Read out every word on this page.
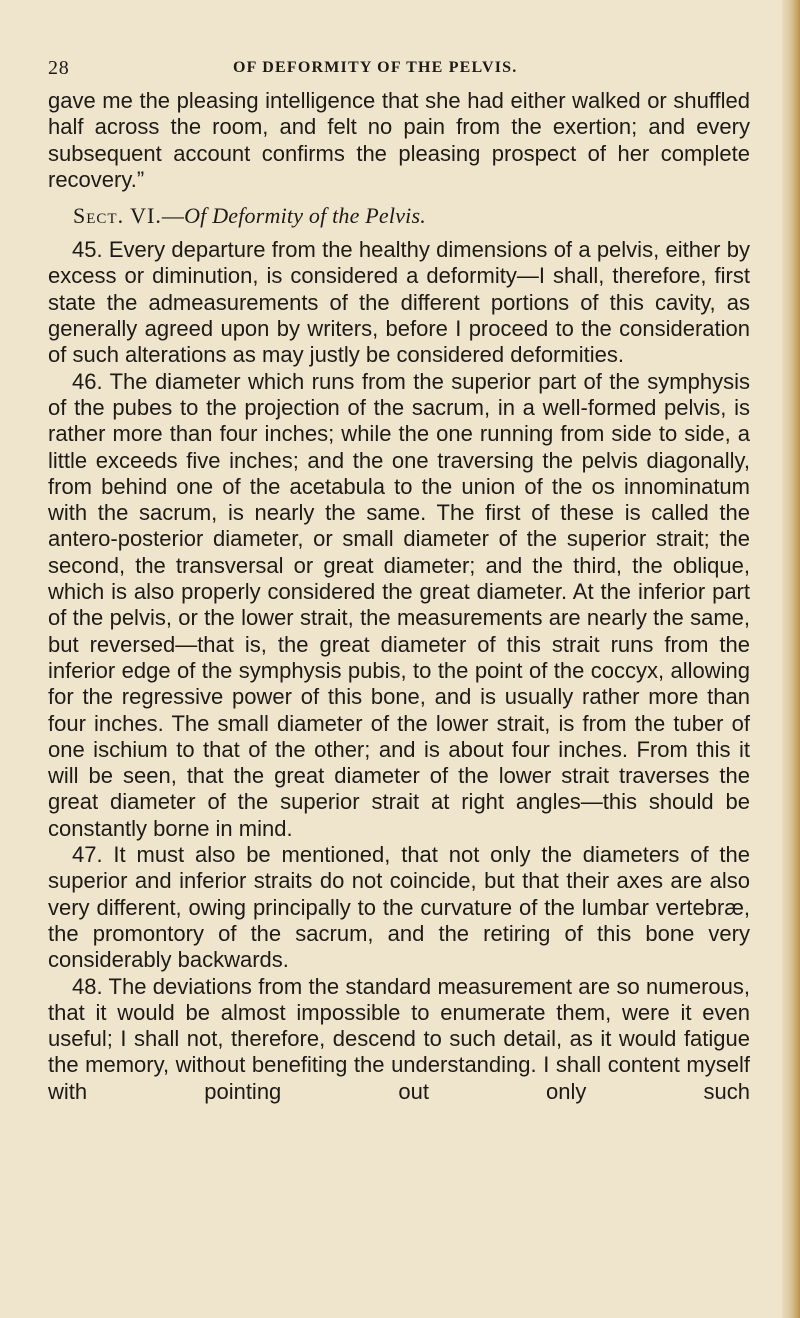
28	OF DEFORMITY OF THE PELVIS.

gave me the pleasing intelligence that she had either walked or shuffled half across the room, and felt no pain from the exertion; and every subsequent account confirms the pleasing prospect of her complete recovery.”

Sect. VI.—Of Deformity of the Pelvis.

45. Every departure from the healthy dimensions of a pelvis, either by excess or diminution, is considered a deformity—I shall, therefore, first state the admeasurements of the different portions of this cavity, as generally agreed upon by writers, before I proceed to the consideration of such alterations as may justly be considered deformities.

46. The diameter which runs from the superior part of the symphysis of the pubes to the projection of the sacrum, in a well-formed pelvis, is rather more than four inches; while the one running from side to side, a little exceeds five inches; and the one traversing the pelvis diagonally, from behind one of the acetabula to the union of the os innominatum with the sacrum, is nearly the same. The first of these is called the antero-posterior diameter, or small diameter of the superior strait; the second, the transversal or great diameter; and the third, the oblique, which is also properly considered the great diameter. At the inferior part of the pelvis, or the lower strait, the measurements are nearly the same, but reversed—that is, the great diameter of this strait runs from the inferior edge of the symphysis pubis, to the point of the coccyx, allowing for the regressive power of this bone, and is usually rather more than four inches. The small diameter of the lower strait, is from the tuber of one ischium to that of the other; and is about four inches. From this it will be seen, that the great diameter of the lower strait traverses the great diameter of the superior strait at right angles—this should be constantly borne in mind.

47. It must also be mentioned, that not only the diameters of the superior and inferior straits do not coincide, but that their axes are also very different, owing principally to the curvature of the lumbar vertebræ, the promontory of the sacrum, and the retiring of this bone very considerably backwards.

48. The deviations from the standard measurement are so numerous, that it would be almost impossible to enumerate them, were it even useful; I shall not, therefore, descend to such detail, as it would fatigue the memory, without benefiting the understanding. I shall content myself with pointing out only such
